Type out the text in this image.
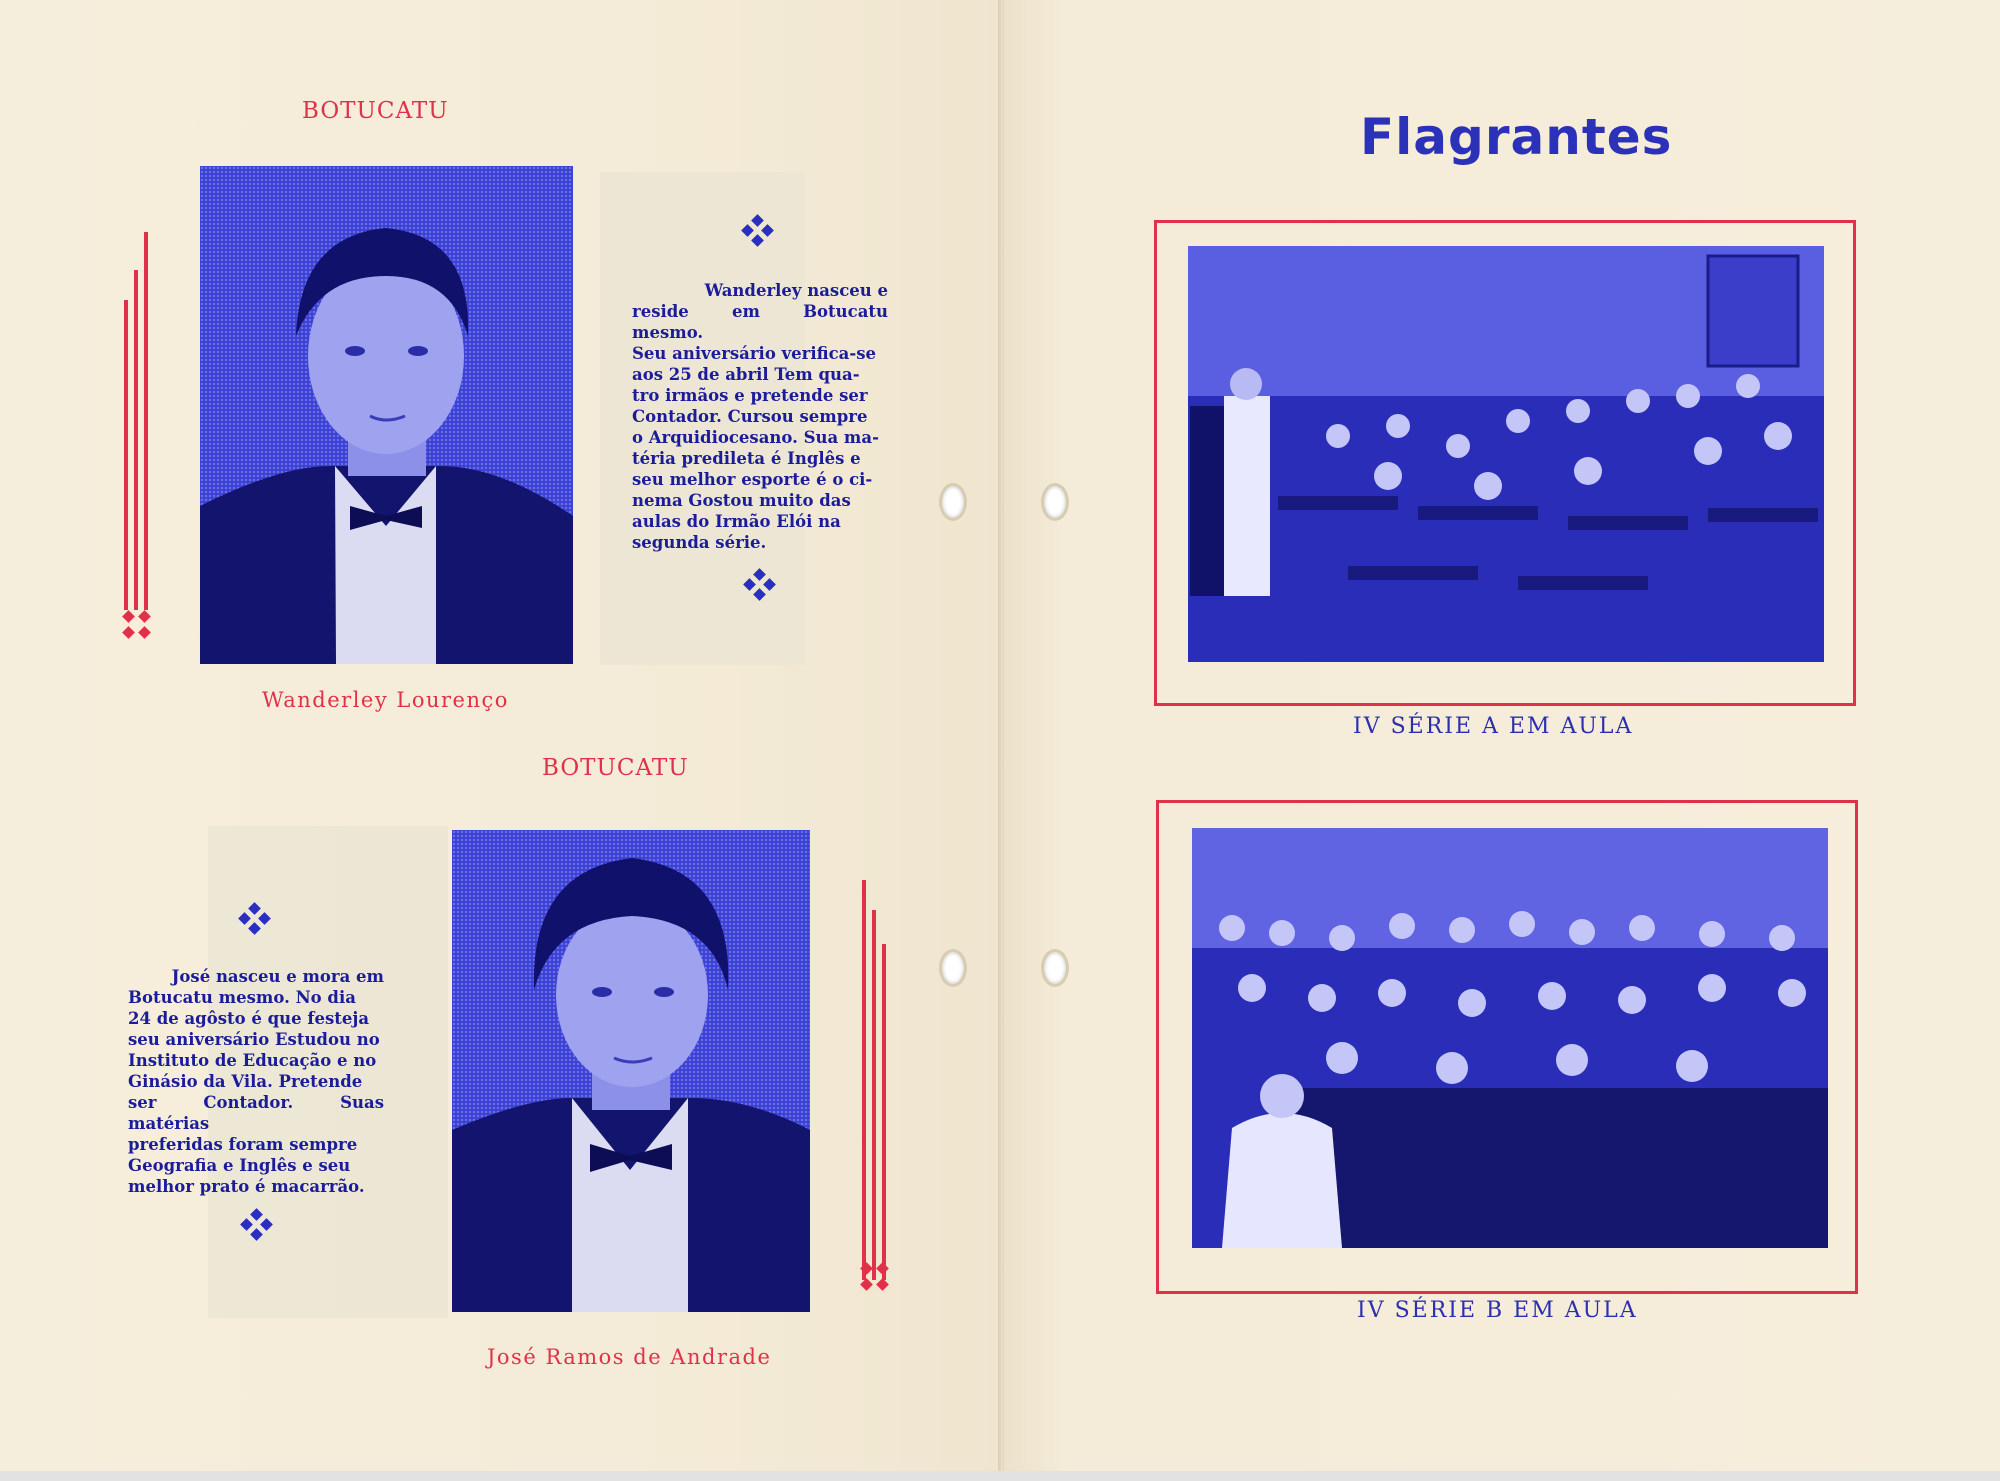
BOTUCATU
Wanderley nasceu e
reside em Botucatu mesmo.
Seu aniversário verifica-se
aos 25 de abril Tem qua-
tro irmãos e pretende ser
Contador. Cursou sempre
o Arquidiocesano. Sua ma-
téria predileta é Inglês e
seu melhor esporte é o ci-
nema Gostou muito das
aulas do Irmão Elói na
segunda série.
Wanderley Lourenço
BOTUCATU
José nasceu e mora em
Botucatu mesmo. No dia
24 de agôsto é que festeja
seu aniversário Estudou no
Instituto de Educação e no
Ginásio da Vila. Pretende
ser Contador. Suas matérias
preferidas foram sempre
Geografia e Inglês e seu
melhor prato é macarrão.
José Ramos de Andrade
Flagrantes
IV SÉRIE A EM AULA
IV SÉRIE B EM AULA
